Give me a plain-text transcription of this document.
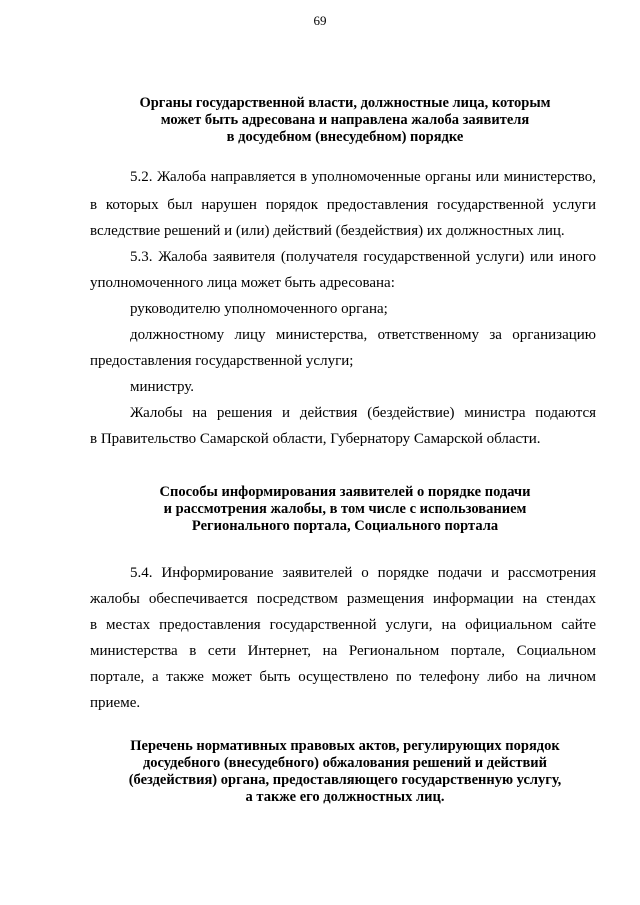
69
Органы государственной власти, должностные лица, которым
может быть адресована и направлена жалоба заявителя
в досудебном (внесудебном) порядке
5.2. Жалоба направляется в уполномоченные органы или министерство,
в которых был нарушен порядок предоставления государственной услуги
вследствие решений и (или) действий (бездействия) их должностных лиц.
5.3. Жалоба заявителя (получателя государственной услуги) или иного
уполномоченного лица может быть адресована:
руководителю уполномоченного органа;
должностному лицу министерства, ответственному за организацию
предоставления государственной услуги;
министру.
Жалобы на решения и действия (бездействие) министра подаются
в Правительство Самарской области, Губернатору Самарской области.
Способы информирования заявителей о порядке подачи
и рассмотрения жалобы, в том числе с использованием
Регионального портала, Социального портала
5.4. Информирование заявителей о порядке подачи и рассмотрения
жалобы обеспечивается посредством размещения информации на стендах
в местах предоставления государственной услуги, на официальном сайте
министерства в сети Интернет, на Региональном портале, Социальном
портале, а также может быть осуществлено по телефону либо на личном
приеме.
Перечень нормативных правовых актов, регулирующих порядок
досудебного (внесудебного) обжалования решений и действий
(бездействия) органа, предоставляющего государственную услугу,
а также его должностных лиц.
